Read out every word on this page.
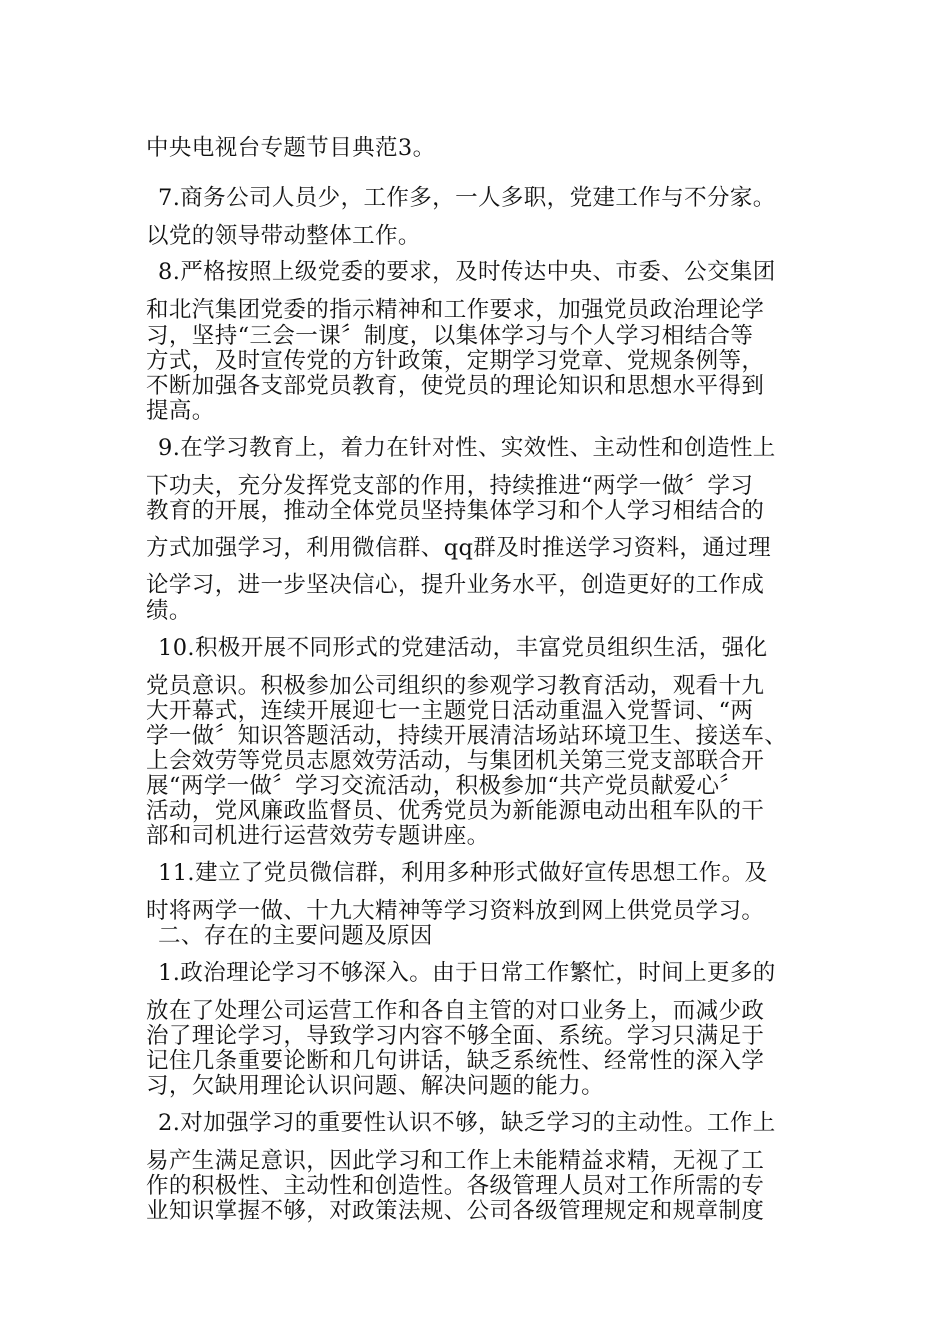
中央电视台专题节目典范3。
7.商务公司人员少，工作多，一人多职，党建工作与不分家。
以党的领导带动整体工作。
8.严格按照上级党委的要求，及时传达中央、市委、公交集团
和北汽集团党委的指示精神和工作要求，加强党员政治理论学
习，坚持“三会一课〞制度，以集体学习与个人学习相结合等
方式，及时宣传党的方针政策，定期学习党章、党规条例等，
不断加强各支部党员教育，使党员的理论知识和思想水平得到
提高。
9.在学习教育上，着力在针对性、实效性、主动性和创造性上
下功夫，充分发挥党支部的作用，持续推进“两学一做〞学习
教育的开展，推动全体党员坚持集体学习和个人学习相结合的
方式加强学习，利用微信群、qq群及时推送学习资料，通过理
论学习，进一步坚决信心，提升业务水平，创造更好的工作成
绩。
10.积极开展不同形式的党建活动，丰富党员组织生活，强化
党员意识。积极参加公司组织的参观学习教育活动，观看十九
大开幕式，连续开展迎七一主题党日活动重温入党誓词、“两
学一做〞知识答题活动，持续开展清洁场站环境卫生、接送车、
上会效劳等党员志愿效劳活动，与集团机关第三党支部联合开
展“两学一做〞学习交流活动，积极参加“共产党员献爱心〞
活动，党风廉政监督员、优秀党员为新能源电动出租车队的干
部和司机进行运营效劳专题讲座。
11.建立了党员微信群，利用多种形式做好宣传思想工作。及
时将两学一做、十九大精神等学习资料放到网上供党员学习。
二、存在的主要问题及原因
1.政治理论学习不够深入。由于日常工作繁忙，时间上更多的
放在了处理公司运营工作和各自主管的对口业务上，而减少政
治了理论学习，导致学习内容不够全面、系统。学习只满足于
记住几条重要论断和几句讲话，缺乏系统性、经常性的深入学
习，欠缺用理论认识问题、解决问题的能力。
2.对加强学习的重要性认识不够，缺乏学习的主动性。工作上
易产生满足意识，因此学习和工作上未能精益求精，无视了工
作的积极性、主动性和创造性。各级管理人员对工作所需的专
业知识掌握不够，对政策法规、公司各级管理规定和规章制度
